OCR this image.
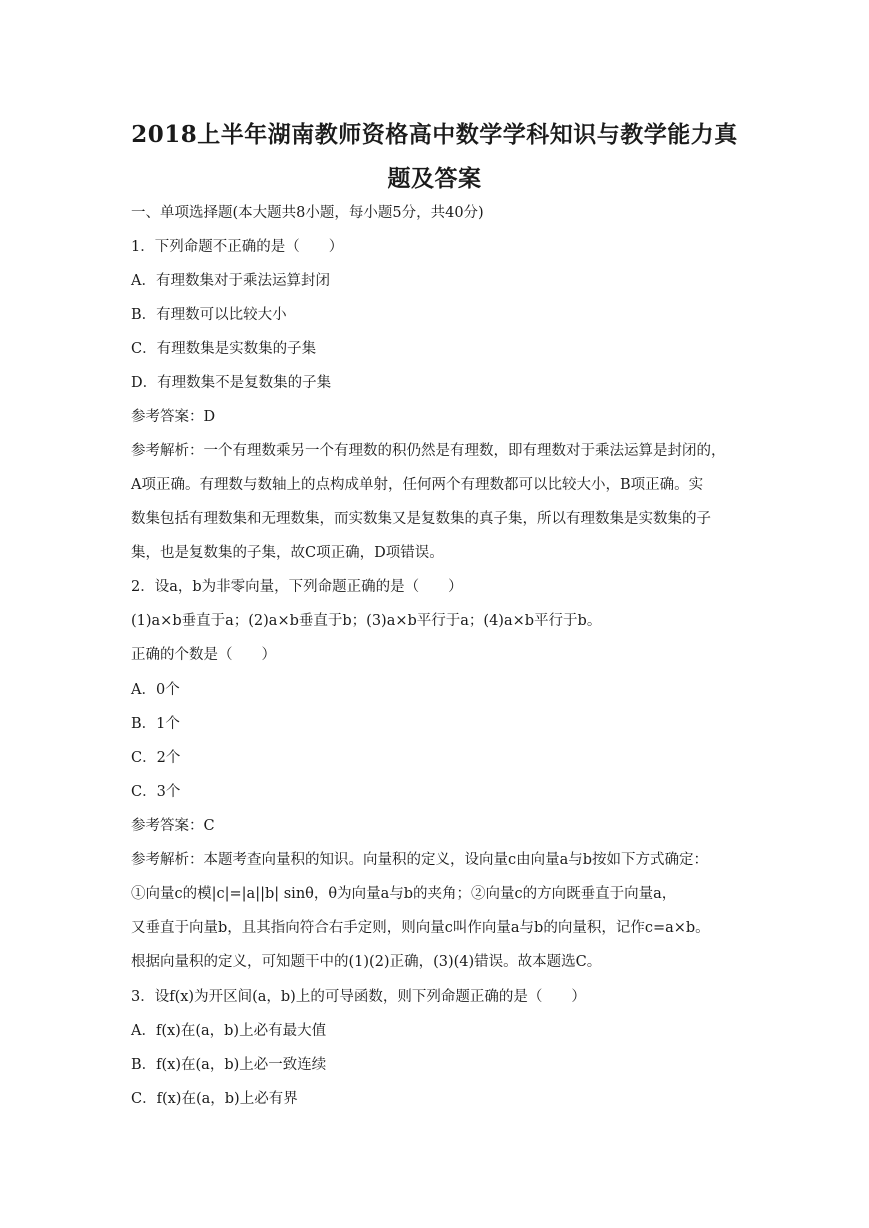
2018上半年湖南教师资格高中数学学科知识与教学能力真
题及答案
一、单项选择题(本大题共8小题，每小题5分，共40分)
1．下列命题不正确的是（　　）
A．有理数集对于乘法运算封闭
B．有理数可以比较大小
C．有理数集是实数集的子集
D．有理数集不是复数集的子集
参考答案：D
参考解析：一个有理数乘另一个有理数的积仍然是有理数，即有理数对于乘法运算是封闭的，
A项正确。有理数与数轴上的点构成单射，任何两个有理数都可以比较大小，B项正确。实
数集包括有理数集和无理数集，而实数集又是复数集的真子集，所以有理数集是实数集的子
集，也是复数集的子集，故C项正确，D项错误。
2．设a，b为非零向量，下列命题正确的是（　　）
(1)a×b垂直于a；(2)a×b垂直于b；(3)a×b平行于a；(4)a×b平行于b。
正确的个数是（　　）
A．0个
B．1个
C．2个
C．3个
参考答案：C
参考解析：本题考查向量积的知识。向量积的定义，设向量c由向量a与b按如下方式确定：
①向量c的模|c|=|a||b| sinθ，θ为向量a与b的夹角；②向量c的方向既垂直于向量a，
又垂直于向量b，且其指向符合右手定则，则向量c叫作向量a与b的向量积，记作c=a×b。
根据向量积的定义，可知题干中的(1)(2)正确，(3)(4)错误。故本题选C。
3．设f(x)为开区间(a，b)上的可导函数，则下列命题正确的是（　　）
A．f(x)在(a，b)上必有最大值
B．f(x)在(a，b)上必一致连续
C．f(x)在(a，b)上必有界
